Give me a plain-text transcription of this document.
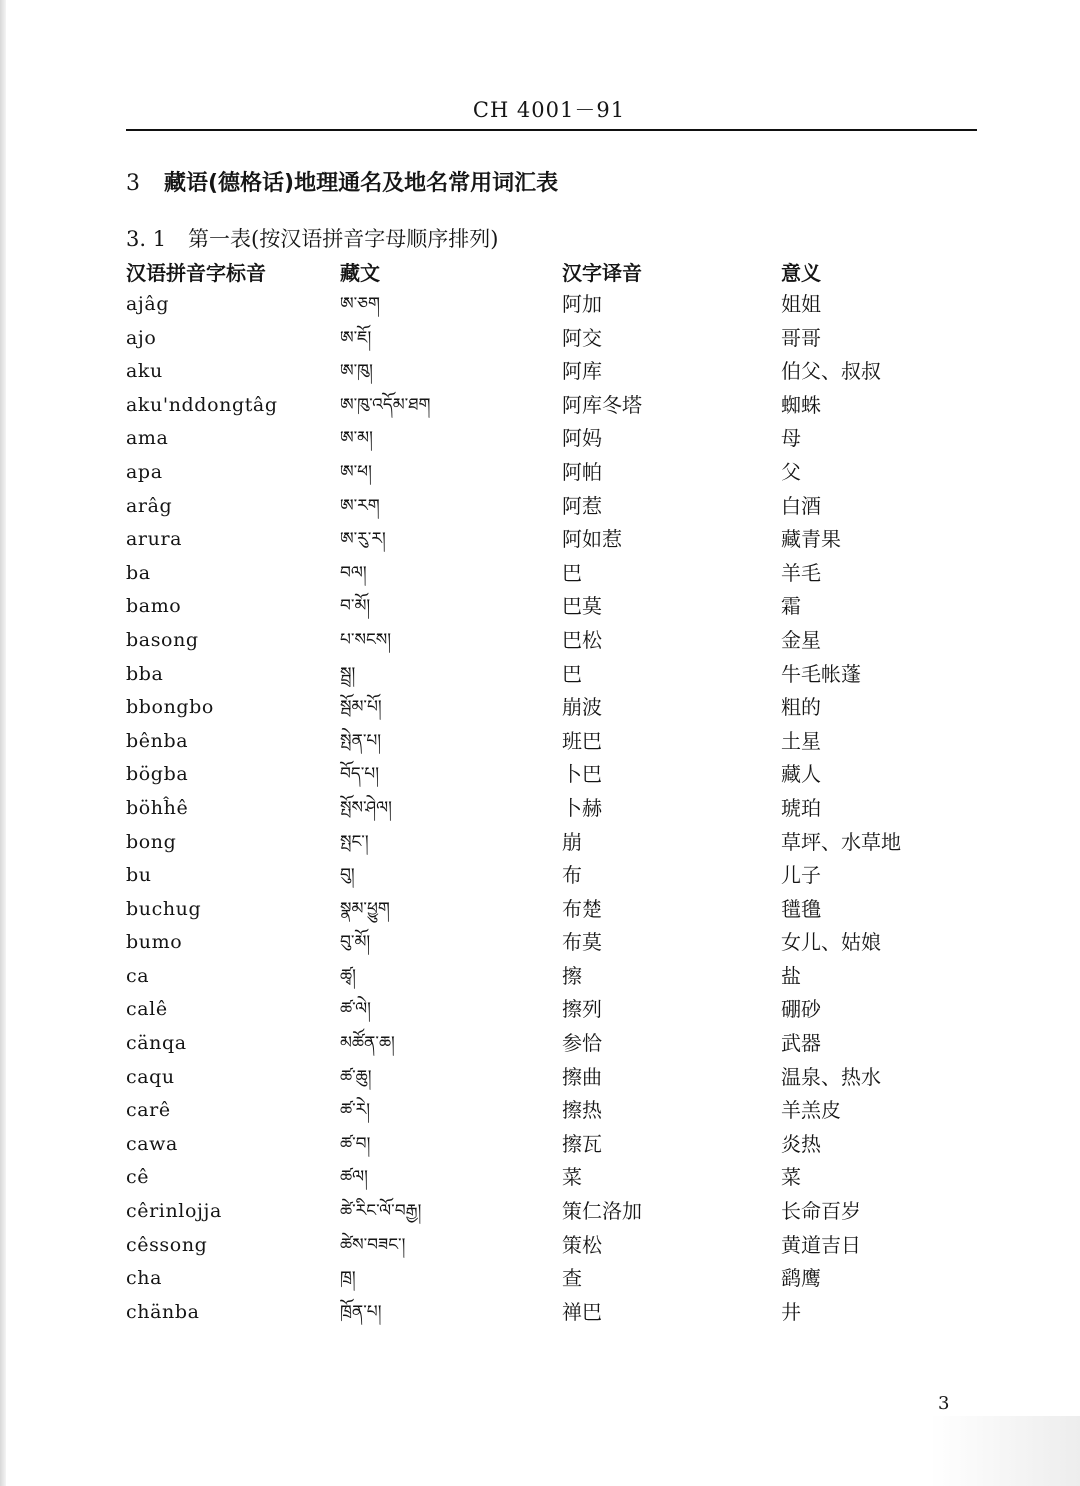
CH 4001－91
3 藏语(德格话)地理通名及地名常用词汇表
3. 1 第一表(按汉语拼音字母顺序排列)
汉语拼音字标音	藏文	汉字译音	意义
ajâg	ཨ་ཅག	阿加	姐姐
ajo	ཨ་ཇོ།	阿交	哥哥
aku	ཨ་ཁུ།	阿库	伯父、叔叔
aku'nddongtâg	ཨ་ཁུ་འདོམ་ཐག	阿库冬塔	蜘蛛
ama	ཨ་མ།	阿妈	母
apa	ཨ་ཕ།	阿帕	父
arâg	ཨ་རག	阿惹	白酒
arura	ཨ་རུ་ར།	阿如惹	藏青果
ba	བལ།	巴	羊毛
bamo	བ་མོ།	巴莫	霜
basong	པ་སངས།	巴松	金星
bba	སྦྲ།	巴	牛毛帐蓬
bbongbo	སྦོམ་པོ།	崩波	粗的
bênba	སྤེན་པ།	班巴	土星
bögba	བོད་པ།	卜巴	藏人
böhĥê	སྤོས་ཤེལ།	卜赫	琥珀
bong	སྤང་།	崩	草坪、水草地
bu	བུ།	布	儿子
buchug	སྣམ་ཕྱུག	布楚	氆氇
bumo	བུ་མོ།	布莫	女儿、姑娘
ca	ཚྭ།	擦	盐
calê	ཚ་ལེ།	擦列	硼砂
cänqa	མཚོན་ཆ།	参恰	武器
caqu	ཚ་ཆུ།	擦曲	温泉、热水
carê	ཚ་རེ།	擦热	羊羔皮
cawa	ཚ་བ།	擦瓦	炎热
cê	ཚལ།	菜	菜
cêrinlojja	ཚེ་རིང་ལོ་བརྒྱ།	策仁洛加	长命百岁
cêssong	ཚེས་བཟང་།	策松	黄道吉日
cha	ཁྲ།	查	鹞鹰
chänba	ཁྲོན་པ།	禅巴	井
3
